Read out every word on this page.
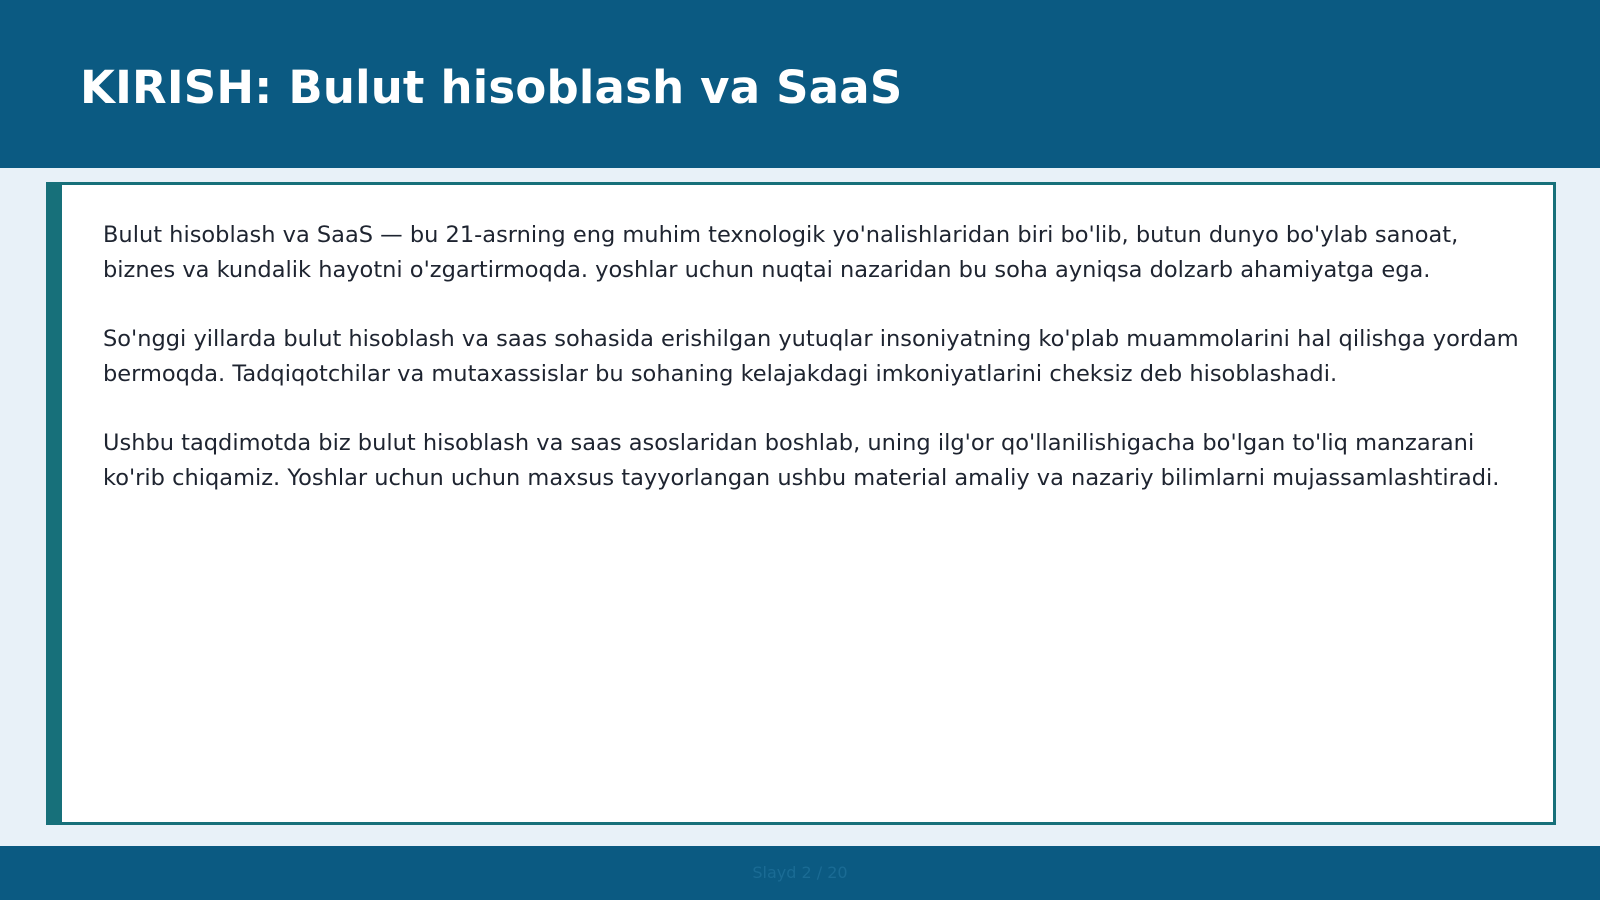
KIRISH: Bulut hisoblash va SaaS

Bulut hisoblash va SaaS — bu 21-asrning eng muhim texnologik yo'nalishlaridan biri bo'lib, butun dunyo bo'ylab sanoat, biznes va kundalik hayotni o'zgartirmoqda. yoshlar uchun nuqtai nazaridan bu soha ayniqsa dolzarb ahamiyatga ega.

So'nggi yillarda bulut hisoblash va saas sohasida erishilgan yutuqlar insoniyatning ko'plab muammolarini hal qilishga yordam bermoqda. Tadqiqotchilar va mutaxassislar bu sohaning kelajakdagi imkoniyatlarini cheksiz deb hisoblashadi.

Ushbu taqdimotda biz bulut hisoblash va saas asoslaridan boshlab, uning ilg'or qo'llanilishigacha bo'lgan to'liq manzarani ko'rib chiqamiz. Yoshlar uchun uchun maxsus tayyorlangan ushbu material amaliy va nazariy bilimlarni mujassamlashtiradi.

Slayd 2 / 20
